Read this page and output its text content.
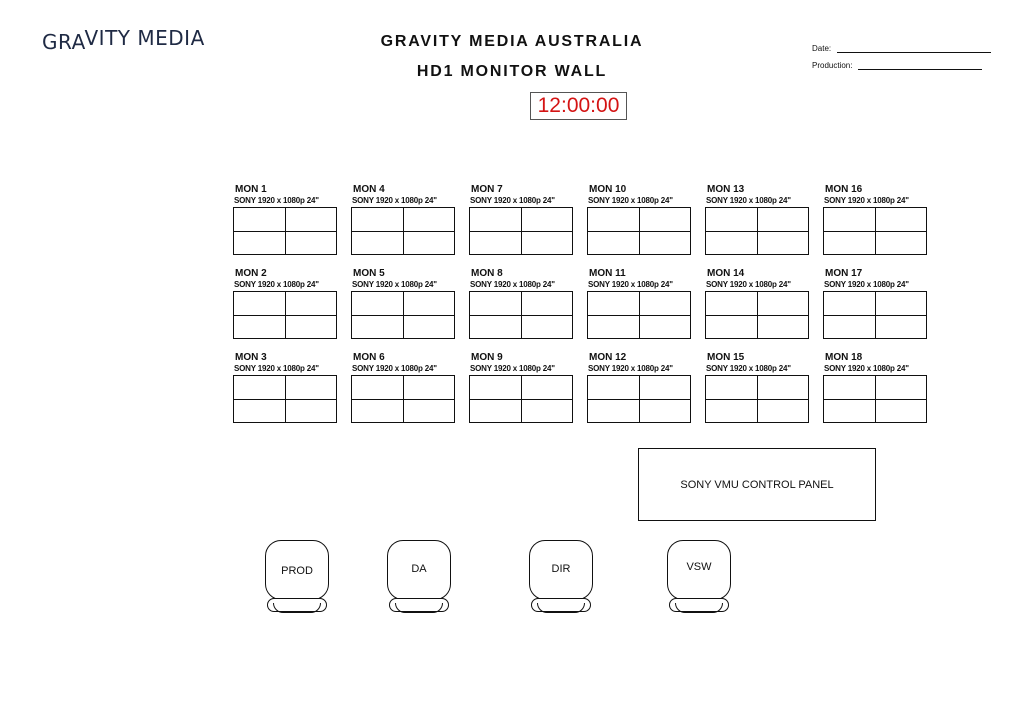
GRAVITY MEDIA	GRAVITY MEDIA AUSTRALIA
HD1 MONITOR WALL
Date:
Production:
12:00:00
MON 1
SONY 1920 x 1080p 24"
MON 2
SONY 1920 x 1080p 24"
MON 3
SONY 1920 x 1080p 24"
MON 4
SONY 1920 x 1080p 24"
MON 5
SONY 1920 x 1080p 24"
MON 6
SONY 1920 x 1080p 24"
MON 7
SONY 1920 x 1080p 24"
MON 8
SONY 1920 x 1080p 24"
MON 9
SONY 1920 x 1080p 24"
MON 10
SONY 1920 x 1080p 24"
MON 11
SONY 1920 x 1080p 24"
MON 12
SONY 1920 x 1080p 24"
MON 13
SONY 1920 x 1080p 24"
MON 14
SONY 1920 x 1080p 24"
MON 15
SONY 1920 x 1080p 24"
MON 16
SONY 1920 x 1080p 24"
MON 17
SONY 1920 x 1080p 24"
MON 18
SONY 1920 x 1080p 24"
SONY VMU CONTROL PANEL
PROD	DA	DIR	VSW
